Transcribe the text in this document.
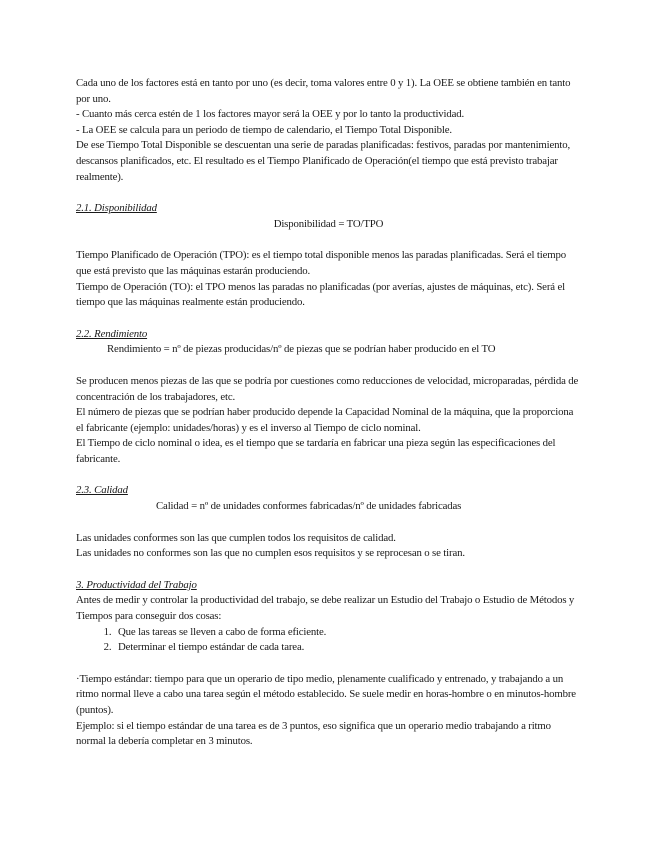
Cada uno de los factores está en tanto por uno (es decir, toma valores entre 0 y 1). La OEE se obtiene también en tanto por uno.

- Cuanto más cerca estén de 1 los factores mayor será la OEE y por lo tanto la productividad.

- La OEE se calcula para un periodo de tiempo de calendario, el Tiempo Total Disponible.

De ese Tiempo Total Disponible se descuentan una serie de paradas planificadas: festivos, paradas por mantenimiento, descansos planificados, etc. El resultado es el Tiempo Planificado de Operación(el tiempo que está previsto trabajar realmente).

2.1. Disponibilidad

Disponibilidad = TO/TPO

Tiempo Planificado de Operación (TPO): es el tiempo total disponible menos las paradas planificadas. Será el tiempo que está previsto que las máquinas estarán produciendo.

Tiempo de Operación (TO): el TPO menos las paradas no planificadas (por averías, ajustes de máquinas, etc). Será el tiempo que las máquinas realmente están produciendo.

2.2. Rendimiento

Rendimiento = nº de piezas producidas/nº de piezas que se podrían haber producido en el TO

Se producen menos piezas de las que se podría por cuestiones como reducciones de velocidad, microparadas, pérdida de concentración de los trabajadores, etc.

El número de piezas que se podrían haber producido depende la Capacidad Nominal de la máquina, que la proporciona el fabricante (ejemplo: unidades/horas) y es el inverso al Tiempo de ciclo nominal.

El Tiempo de ciclo nominal o idea, es el tiempo que se tardaría en fabricar una pieza según las especificaciones del fabricante.

2.3. Calidad

Calidad = nº de unidades conformes fabricadas/nº de unidades fabricadas

Las unidades conformes son las que cumplen todos los requisitos de calidad.

Las unidades no conformes son las que no cumplen esos requisitos y se reprocesan o se tiran.

3. Productividad del Trabajo

Antes de medir y controlar la productividad del trabajo, se debe realizar un Estudio del Trabajo o Estudio de Métodos y Tiempos para conseguir dos cosas:

1. Que las tareas se lleven a cabo de forma eficiente.
2. Determinar el tiempo estándar de cada tarea.

·Tiempo estándar: tiempo para que un operario de tipo medio, plenamente cualificado y entrenado, y trabajando a un ritmo normal lleve a cabo una tarea según el método establecido. Se suele medir en horas-hombre o en minutos-hombre (puntos).

Ejemplo: si el tiempo estándar de una tarea es de 3 puntos, eso significa que un operario medio trabajando a ritmo normal la debería completar en 3 minutos.
